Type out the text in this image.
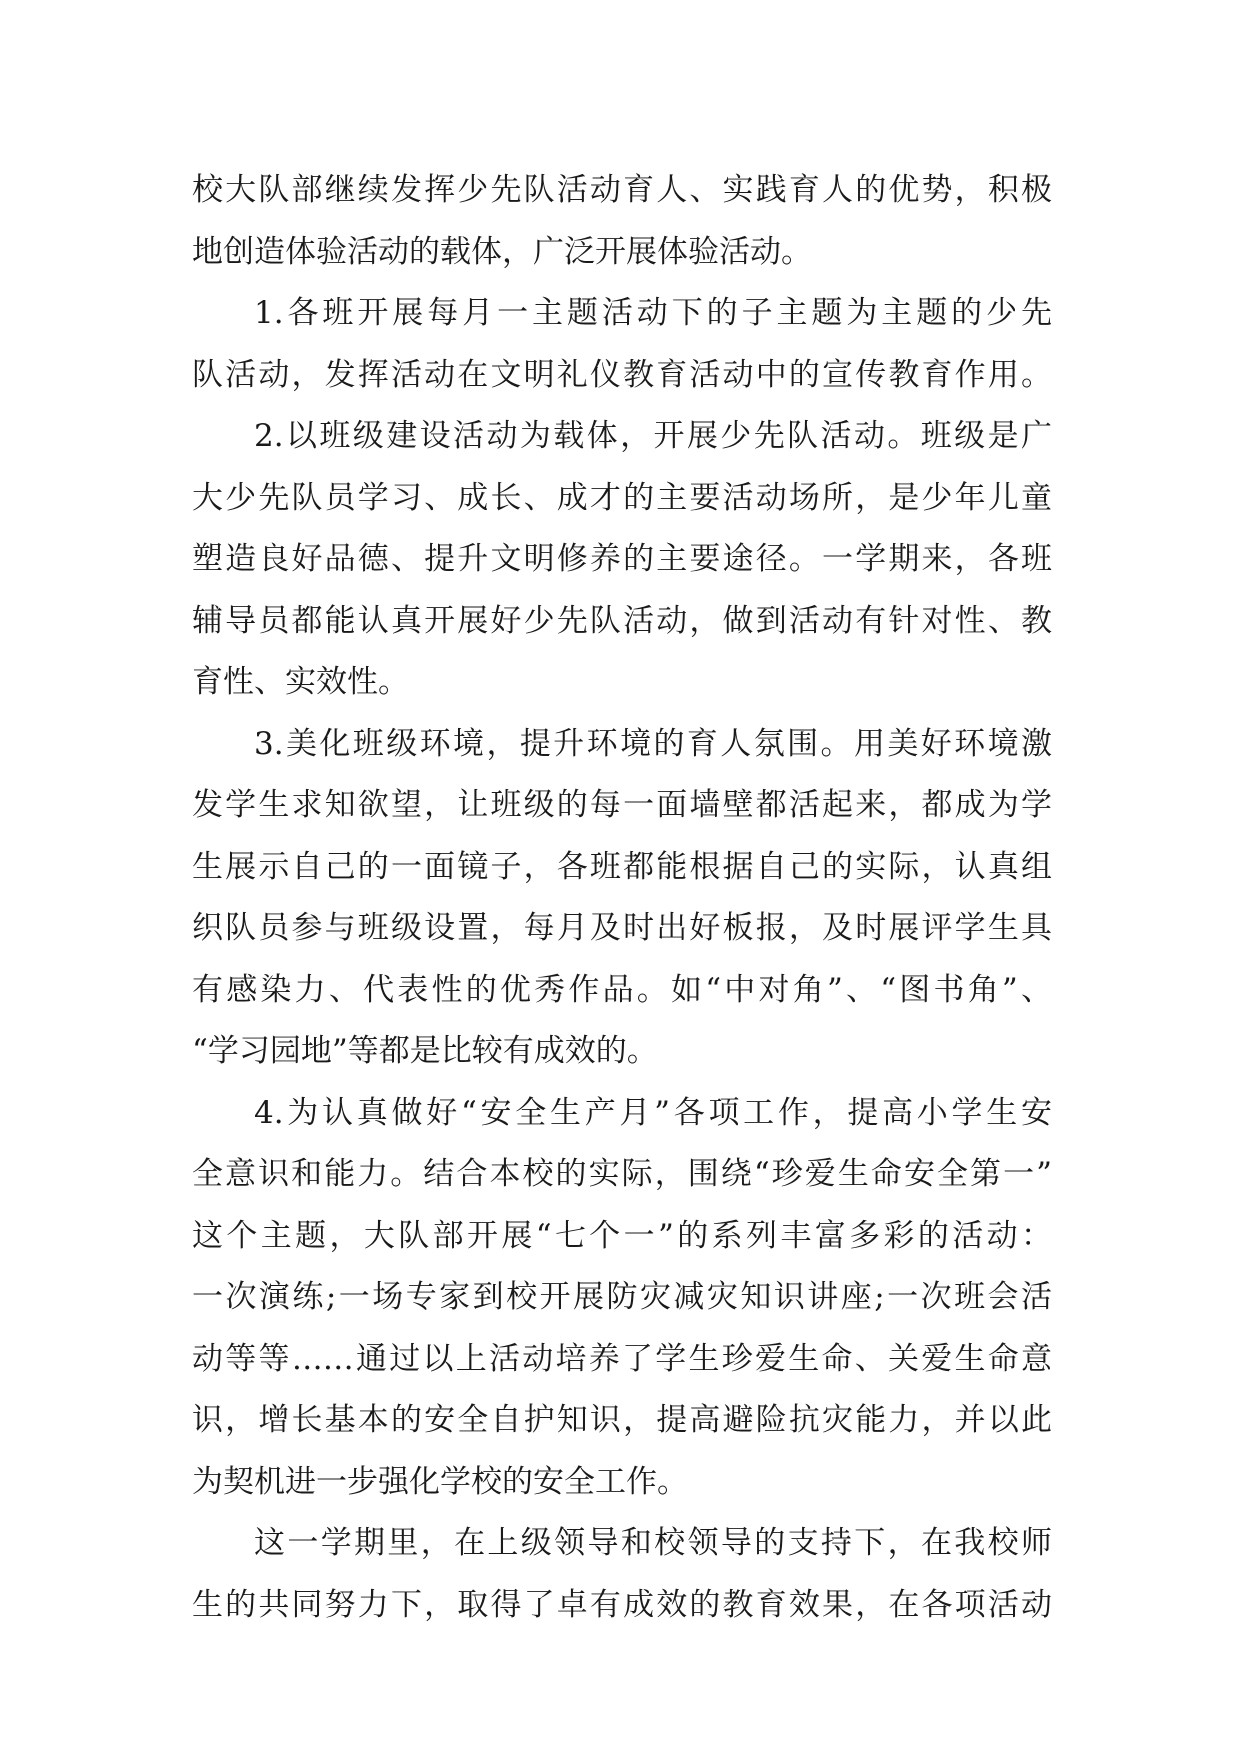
校大队部继续发挥少先队活动育人、实践育人的优势，积极
地创造体验活动的载体，广泛开展体验活动。
1.各班开展每月一主题活动下的子主题为主题的少先
队活动，发挥活动在文明礼仪教育活动中的宣传教育作用。
2.以班级建设活动为载体，开展少先队活动。班级是广
大少先队员学习、成长、成才的主要活动场所，是少年儿童
塑造良好品德、提升文明修养的主要途径。一学期来，各班
辅导员都能认真开展好少先队活动，做到活动有针对性、教
育性、实效性。
3.美化班级环境，提升环境的育人氛围。用美好环境激
发学生求知欲望，让班级的每一面墙壁都活起来，都成为学
生展示自己的一面镜子，各班都能根据自己的实际，认真组
织队员参与班级设置，每月及时出好板报，及时展评学生具
有感染力、代表性的优秀作品。如“中对角”、“图书角”、
“学习园地”等都是比较有成效的。
4.为认真做好“安全生产月”各项工作，提高小学生安
全意识和能力。结合本校的实际，围绕“珍爱生命安全第一”
这个主题，大队部开展“七个一”的系列丰富多彩的活动：
一次演练;一场专家到校开展防灾减灾知识讲座;一次班会活
动等等……通过以上活动培养了学生珍爱生命、关爱生命意
识，增长基本的安全自护知识，提高避险抗灾能力，并以此
为契机进一步强化学校的安全工作。
这一学期里，在上级领导和校领导的支持下，在我校师
生的共同努力下，取得了卓有成效的教育效果，在各项活动
